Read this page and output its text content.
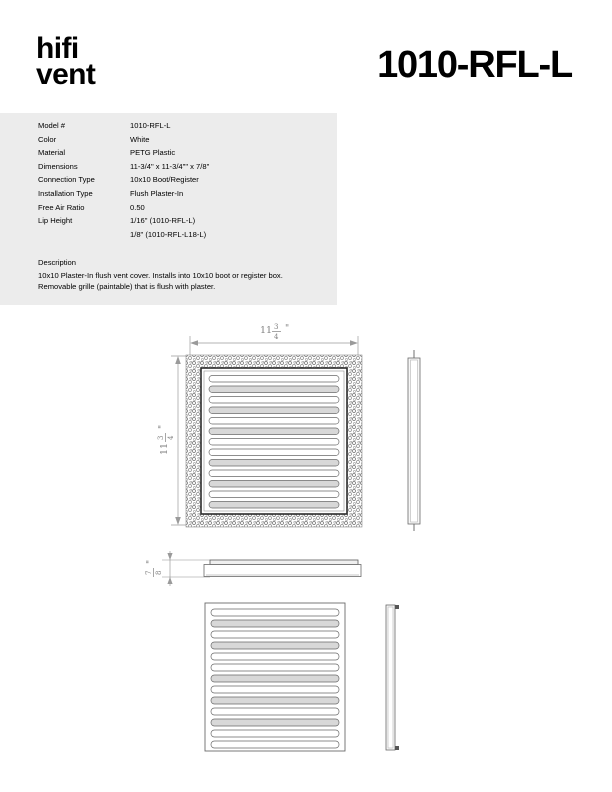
hifi
vent	1010-RFL-L
Model #	1010-RFL-L
Color	White
Material	PETG Plastic
Dimensions	11-3/4" x 11-3/4"" x 7/8"
Connection Type	10x10 Boot/Register
Installation Type	Flush Plaster-In
Free Air Ratio	0.50
Lip Height	1/16" (1010-RFL-L)
	1/8" (1010-RFL-L18-L)
Description
10x10 Plaster-In flush vent cover. Installs into 10x10 boot or register box.
Removable grille (paintable) that is flush with plaster.
11 3
4
"
11
3 4
"
7 8
"
